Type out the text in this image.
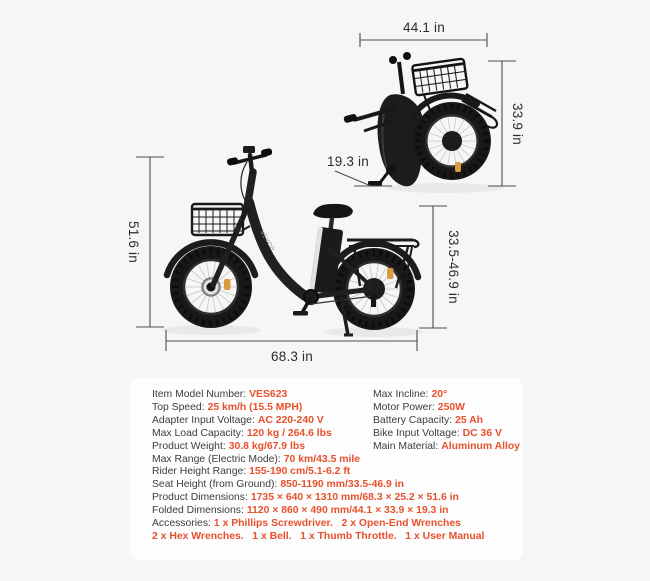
VEVOR
44.1 in
33.9 in
19.3 in
51.6 in	33.5-46.9 in
68.3 in
Item Model Number: VES623
Top Speed: 25 km/h (15.5 MPH)
Adapter Input Voltage: AC 220-240 V
Max Load Capacity: 120 kg / 264.6 lbs
Product Weight: 30.8 kg/67.9 lbs
Max Range (Electric Mode): 70 km/43.5 mile
Rider Height Range: 155-190 cm/5.1-6.2 ft
Seat Height (from Ground): 850-1190 mm/33.5-46.9 in
Product Dimensions: 1735 × 640 × 1310 mm/68.3 × 25.2 × 51.6 in
Folded Dimensions: 1120 × 860 × 490 mm/44.1 × 33.9 × 19.3 in
Accessories: 1 x Phillips Screwdriver.   2 x Open-End Wrenches
2 x Hex Wrenches.   1 x Bell.   1 x Thumb Throttle.   1 x User Manual
Max Incline: 20°
Motor Power: 250W
Battery Capacity: 25 Ah
Bike Input Voltage: DC 36 V
Main Material: Aluminum Alloy
